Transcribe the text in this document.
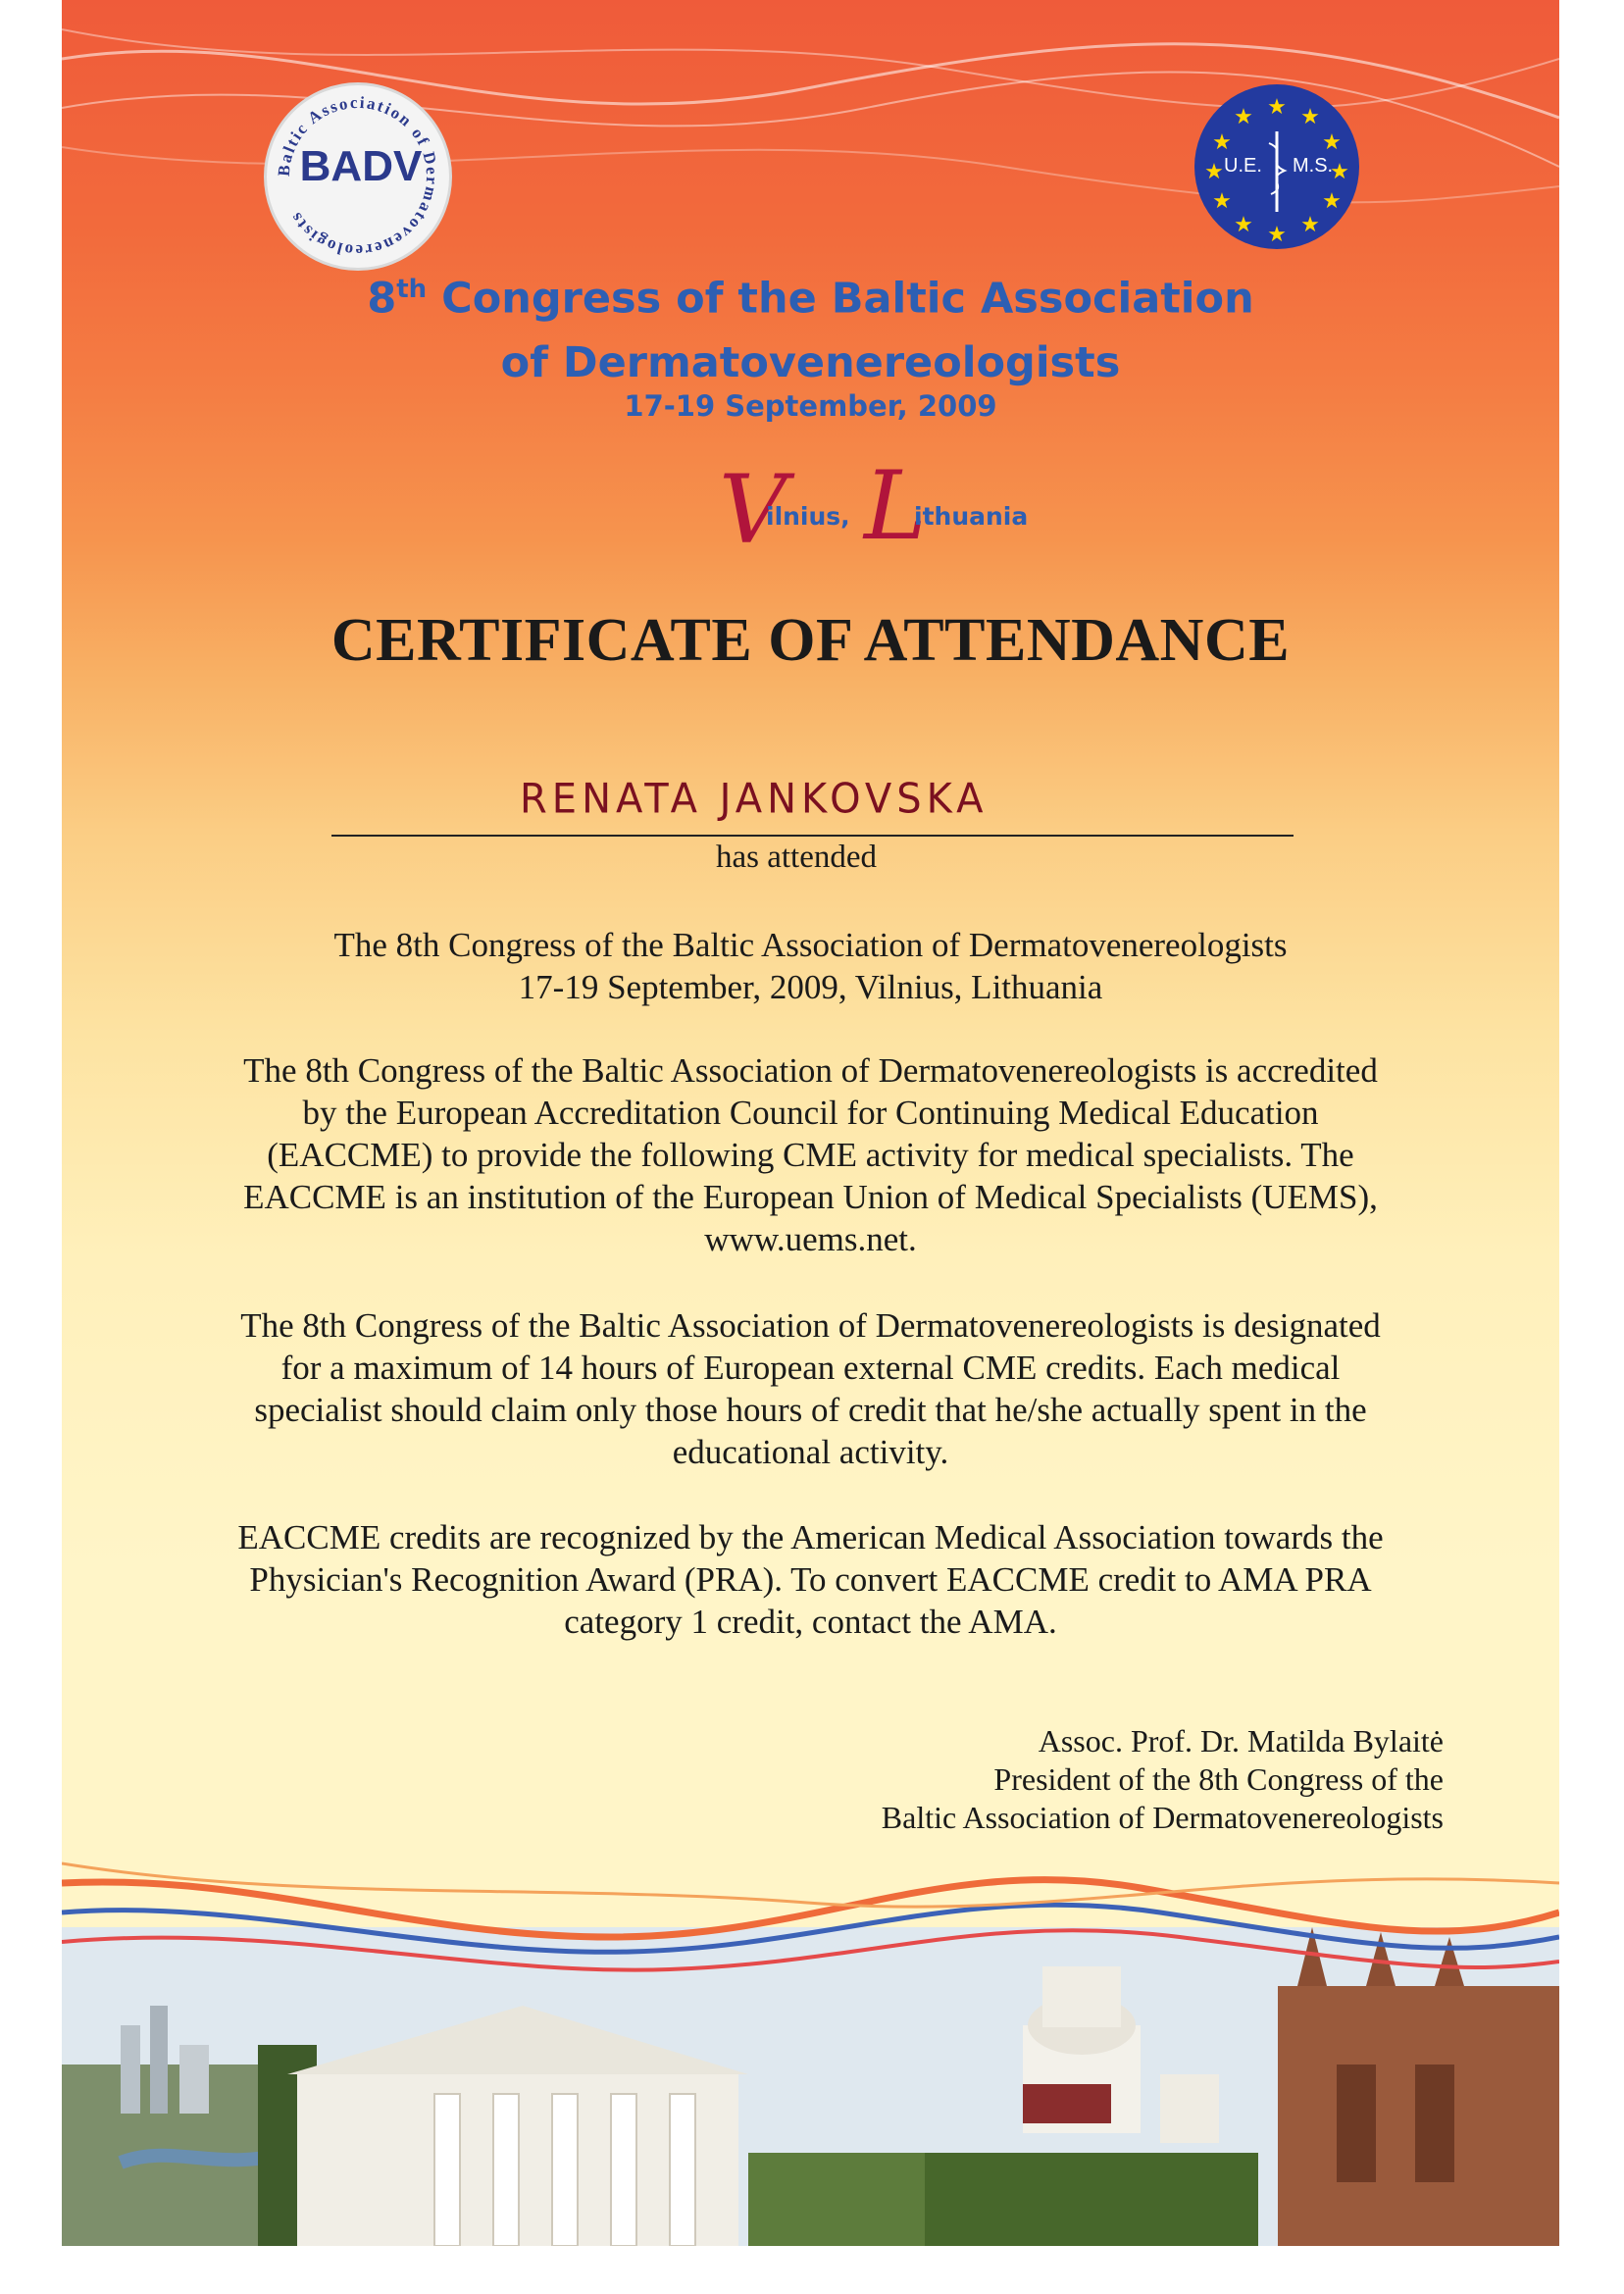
Baltic Association of Dermatovenereologists
BADV
★ ★
★
★
★
★
★
★
★
★
★
★
U.E. M.S.
8th Congress of the Baltic Association
of Dermatovenereologists
17-19 September, 2009
V
ilnius, L
ithuania
CERTIFICATE OF ATTENDANCE
RENATA JANKOVSKA
has attended
The 8th Congress of the Baltic Association of Dermatovenereologists
17-19 September, 2009, Vilnius, Lithuania
The 8th Congress of the Baltic Association of Dermatovenereologists is accredited
by the European Accreditation Council for Continuing Medical Education
(EACCME) to provide the following CME activity for medical specialists. The
EACCME is an institution of the European Union of Medical Specialists (UEMS),
www.uems.net.
The 8th Congress of the Baltic Association of Dermatovenereologists is designated
for a maximum of 14 hours of European external CME credits. Each medical
specialist should claim only those hours of credit that he/she actually spent in the
educational activity.
EACCME credits are recognized by the American Medical Association towards the
Physician's Recognition Award (PRA). To convert EACCME credit to AMA PRA
category 1 credit, contact the AMA.
Assoc. Prof. Dr. Matilda Bylaitė
President of the 8th Congress of the
Baltic Association of Dermatovenereologists
